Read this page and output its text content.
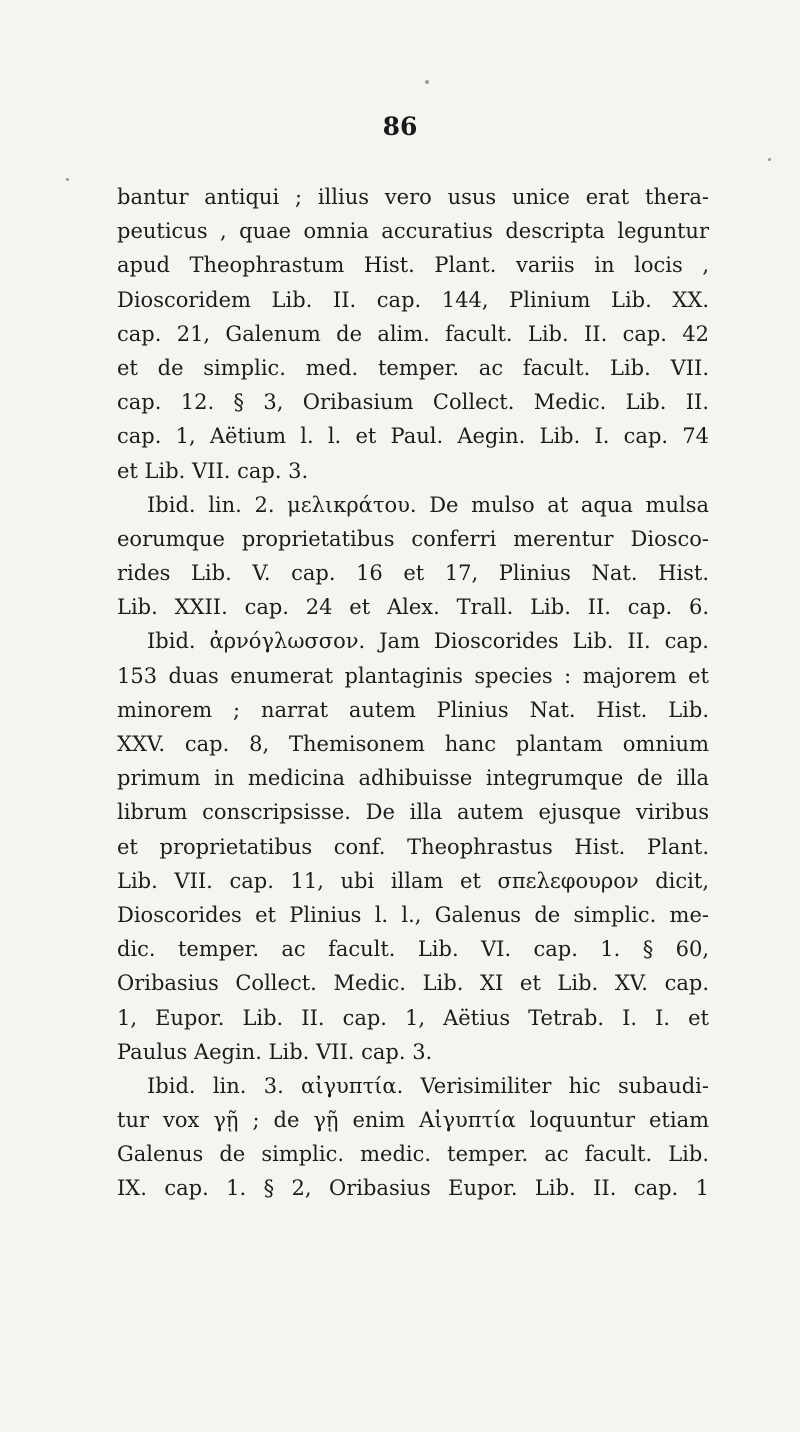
86
bantur antiqui ; illius vero usus unice erat thera-
peuticus , quae omnia accuratius descripta leguntur
apud Theophrastum Hist. Plant. variis in locis ,
Dioscoridem Lib. II. cap. 144, Plinium Lib. XX.
cap. 21, Galenum de alim. facult. Lib. II. cap. 42
et de simplic. med. temper. ac facult. Lib. VII.
cap. 12. § 3, Oribasium Collect. Medic. Lib. II.
cap. 1, Aëtium l. l. et Paul. Aegin. Lib. I. cap. 74
et Lib. VII. cap. 3.
Ibid. lin. 2. μελικράτου. De mulso at aqua mulsa
eorumque proprietatibus conferri merentur Diosco-
rides Lib. V. cap. 16 et 17, Plinius Nat. Hist.
Lib. XXII. cap. 24 et Alex. Trall. Lib. II. cap. 6.
Ibid. ἀρνόγλωσσον. Jam Dioscorides Lib. II. cap.
153 duas enumerat plantaginis species : majorem et
minorem ; narrat autem Plinius Nat. Hist. Lib.
XXV. cap. 8, Themisonem hanc plantam omnium
primum in medicina adhibuisse integrumque de illa
librum conscripsisse. De illa autem ejusque viribus
et proprietatibus conf. Theophrastus Hist. Plant.
Lib. VII. cap. 11, ubi illam et σπελεφουρον dicit,
Dioscorides et Plinius l. l., Galenus de simplic. me-
dic. temper. ac facult. Lib. VI. cap. 1. § 60,
Oribasius Collect. Medic. Lib. XI et Lib. XV. cap.
1, Eupor. Lib. II. cap. 1, Aëtius Tetrab. I. I. et
Paulus Aegin. Lib. VII. cap. 3.
Ibid. lin. 3. αἰγυπτία. Verisimiliter hic subaudi-
tur vox γῇ ; de γῇ enim Αἰγυπτία loquuntur etiam
Galenus de simplic. medic. temper. ac facult. Lib.
IX. cap. 1. § 2, Oribasius Eupor. Lib. II. cap. 1
